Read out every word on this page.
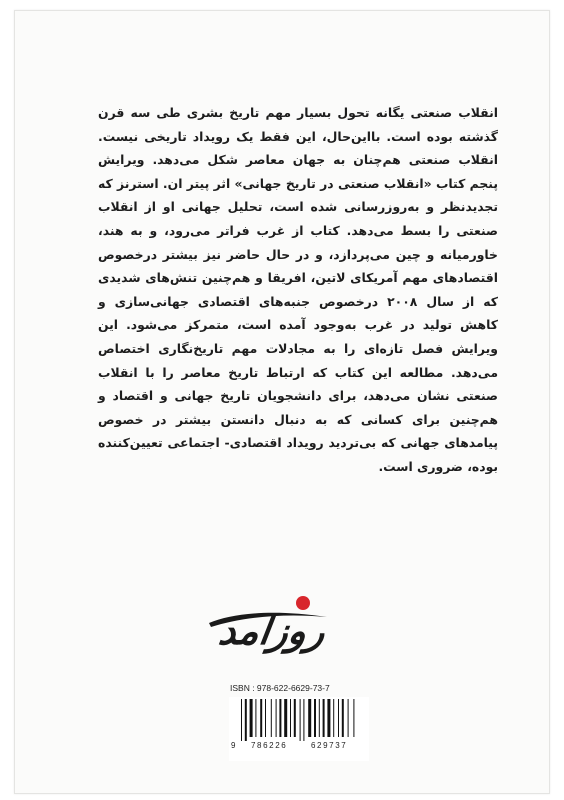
انقلاب صنعتی یگانه تحول بسیار مهم تاریخ بشری طی سه قرن گذشته بوده است. بااین‌حال، این فقط یک رویداد تاریخی نیست. انقلاب صنعتی هم‌چنان به جهان معاصر شکل می‌دهد. ویرایش پنجم کتاب «انقلاب صنعتی در تاریخ جهانی» اثر پیتر ان. استرنز که تجدیدنظر و به‌روزرسانی شده است، تحلیل جهانی او از انقلاب صنعتی را بسط می‌دهد. کتاب از غرب فراتر می‌رود، و به هند، خاورمیانه و چین می‌پردازد، و در حال حاضر نیز بیشتر درخصوص اقتصادهای مهم آمریکای لاتین، افریقا و هم‌چنین تنش‌های شدیدی که از سال ۲۰۰۸ درخصوص جنبه‌های اقتصادی جهانی‌سازی و کاهش تولید در غرب به‌وجود آمده است، متمرکز می‌شود. این ویرایش فصل تازه‌ای را به مجادلات مهم تاریخ‌نگاری اختصاص می‌دهد. مطالعه این کتاب که ارتباط تاریخ معاصر را با انقلاب صنعتی نشان می‌دهد، برای دانشجویان تاریخ جهانی و اقتصاد و هم‌چنین برای کسانی که به دنبال دانستن بیشتر در خصوص پیامدهای جهانی که بی‌تردید رویداد اقتصادی- اجتماعی تعیین‌کننده بوده، ضروری است.

روزامد
ISBN : 978-622-6629-73-7
9 786226	629737
